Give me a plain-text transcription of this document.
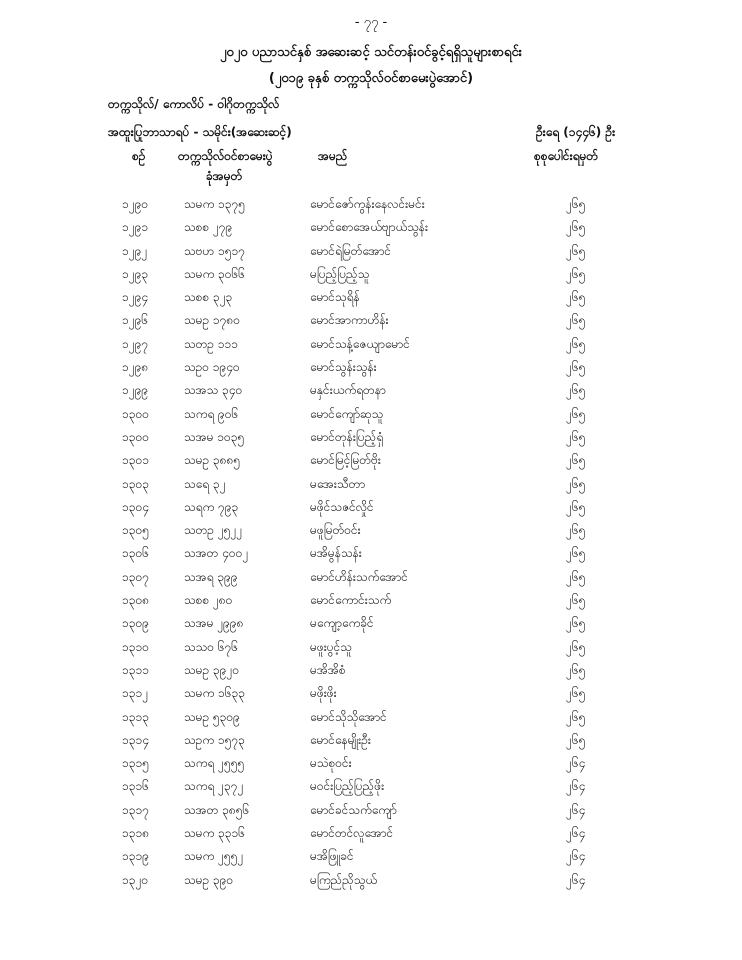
- ၇၇ -
၂၀၂၀ ပညာသင်နှစ် အဆေးဆင့် သင်တန်းဝင်ခွင့်ရရှိသူများစာရင်း
(၂၀၁၉ ခုနှစ် တက္ကသိုလ်ဝင်စာမေးပွဲအောင်)
တက္ကသိုလ်/ ကောလိပ် - ဝါဂိုတက္ကသိုလ်
အထူးပြုဘာသာရပ် - သမိုင်း(အဆေးဆင့်)	ဦးရေ (၁၄၄၆) ဦး
စဉ်	တက္ကသိုလ်ဝင်စာမေးပွဲ	အမည်	စုစုပေါင်းရမှတ်
ခုံအမှတ်
၁၂၉၀	သမက ၁၃၇၅	မောင်ဇော်ကွန်းနေလင်းမင်း	၂၆၅
၁၂၉၁	သစစ ၂၇၉	မောင်စောအေယ်ဗျာယ်သွန်း	၂၆၅
၁၂၉၂	သဗဟ ၁၅၁၇	မောင်ရဲမြတ်အောင်	၂၆၅
၁၂၉၃	သမက ၃၀၆၆	မပြည့်ပြည့်သူ	၂၆၅
၁၂၉၄	သစစ ၃၂၃	မောင်သုရိန်	၂၆၅
၁၂၉၆	သမဥ ၁၇၈၀	မောင်အာကာဟိန်း	၂၆၅
၁၂၉၇	သတဥ ၁၁၁	မောင်သန့်ဇေယျာမောင်	၂၆၅
၁၂၉၈	သဥဝ ၁၉၄၀	မောင်သွန်းသွန်း	၂၆၅
၁၂၉၉	သအသ ၃၄၀	မနှင်းယက်ရတနာ	၂၆၅
၁၃၀၀	သကရ ၉၀၆	မောင်ကျော်ဆုသူ	၂၆၅
၁၃၀၀	သအမ ၁၀၃၅	မောင်တုန်းပြည့်ရှံ	၂၆၅
၁၃၀၁	သမဥ ၃၈၈၅	မောင်မြင့်မြတ်ဗိုး	၂၆၅
၁၃၀၃	သရေ ၃၂	မအေးသီတာ	၂၆၅
၁၃၀၄	သရက ၇၉၃	မဖိုင်သဇင်လှိုင်	၂၆၅
၁၃၀၅	သတဥ ၂၅၂၂	မဖူမြတ်ဝင်း	၂၆၅
၁၃၀၆	သအတ ၄၀၀၂	မအိမွန်သန်း	၂၆၅
၁၃၀၇	သအရ ၃၉၉	မောင်ဟိန်းသက်အောင်	၂၆၅
၁၃၀၈	သစစ ၂၈၀	မောင်ကောင်းသက်	၂၆၅
၁၃၀၉	သအမ ၂၉၉၈	မကျော့ကေခိုင်	၂၆၅
၁၃၁၀	သသဝ ၆၇၆	မဖူးပွင့်သူ	၂၆၅
၁၃၁၁	သမဥ ၃၉၂၀	မအိအိစံ	၂၆၅
၁၃၁၂	သမက ၁၆၃၃	မဖိုးဖိုး	၂၆၅
၁၃၁၃	သမဥ ၅၃၀၉	မောင်သိုသိုအောင်	၂၆၅
၁၃၁၄	သဥက ၁၅၇၃	မောင်နေမျိုးဦး	၂၆၅
၁၃၁၅	သကရ ၂၅၅၅	မသဲစုဝင်း	၂၆၄
၁၃၁၆	သကရ ၂၃၇၂	မဝင်းပြည့်ပြည့်ဖိုး	၂၆၄
၁၃၁၇	သအတ ၃၈၅၆	မောင်ခင်သက်ကျော်	၂၆၄
၁၃၁၈	သမက ၃၃၁၆	မောင်တင်လူအောင်	၂၆၄
၁၃၁၉	သမက ၂၅၅၂	မအိဖြူခင်	၂၆၄
၁၃၂၀	သမဥ ၃၉၀	မကြည်ညိုသွယ်	၂၆၄
